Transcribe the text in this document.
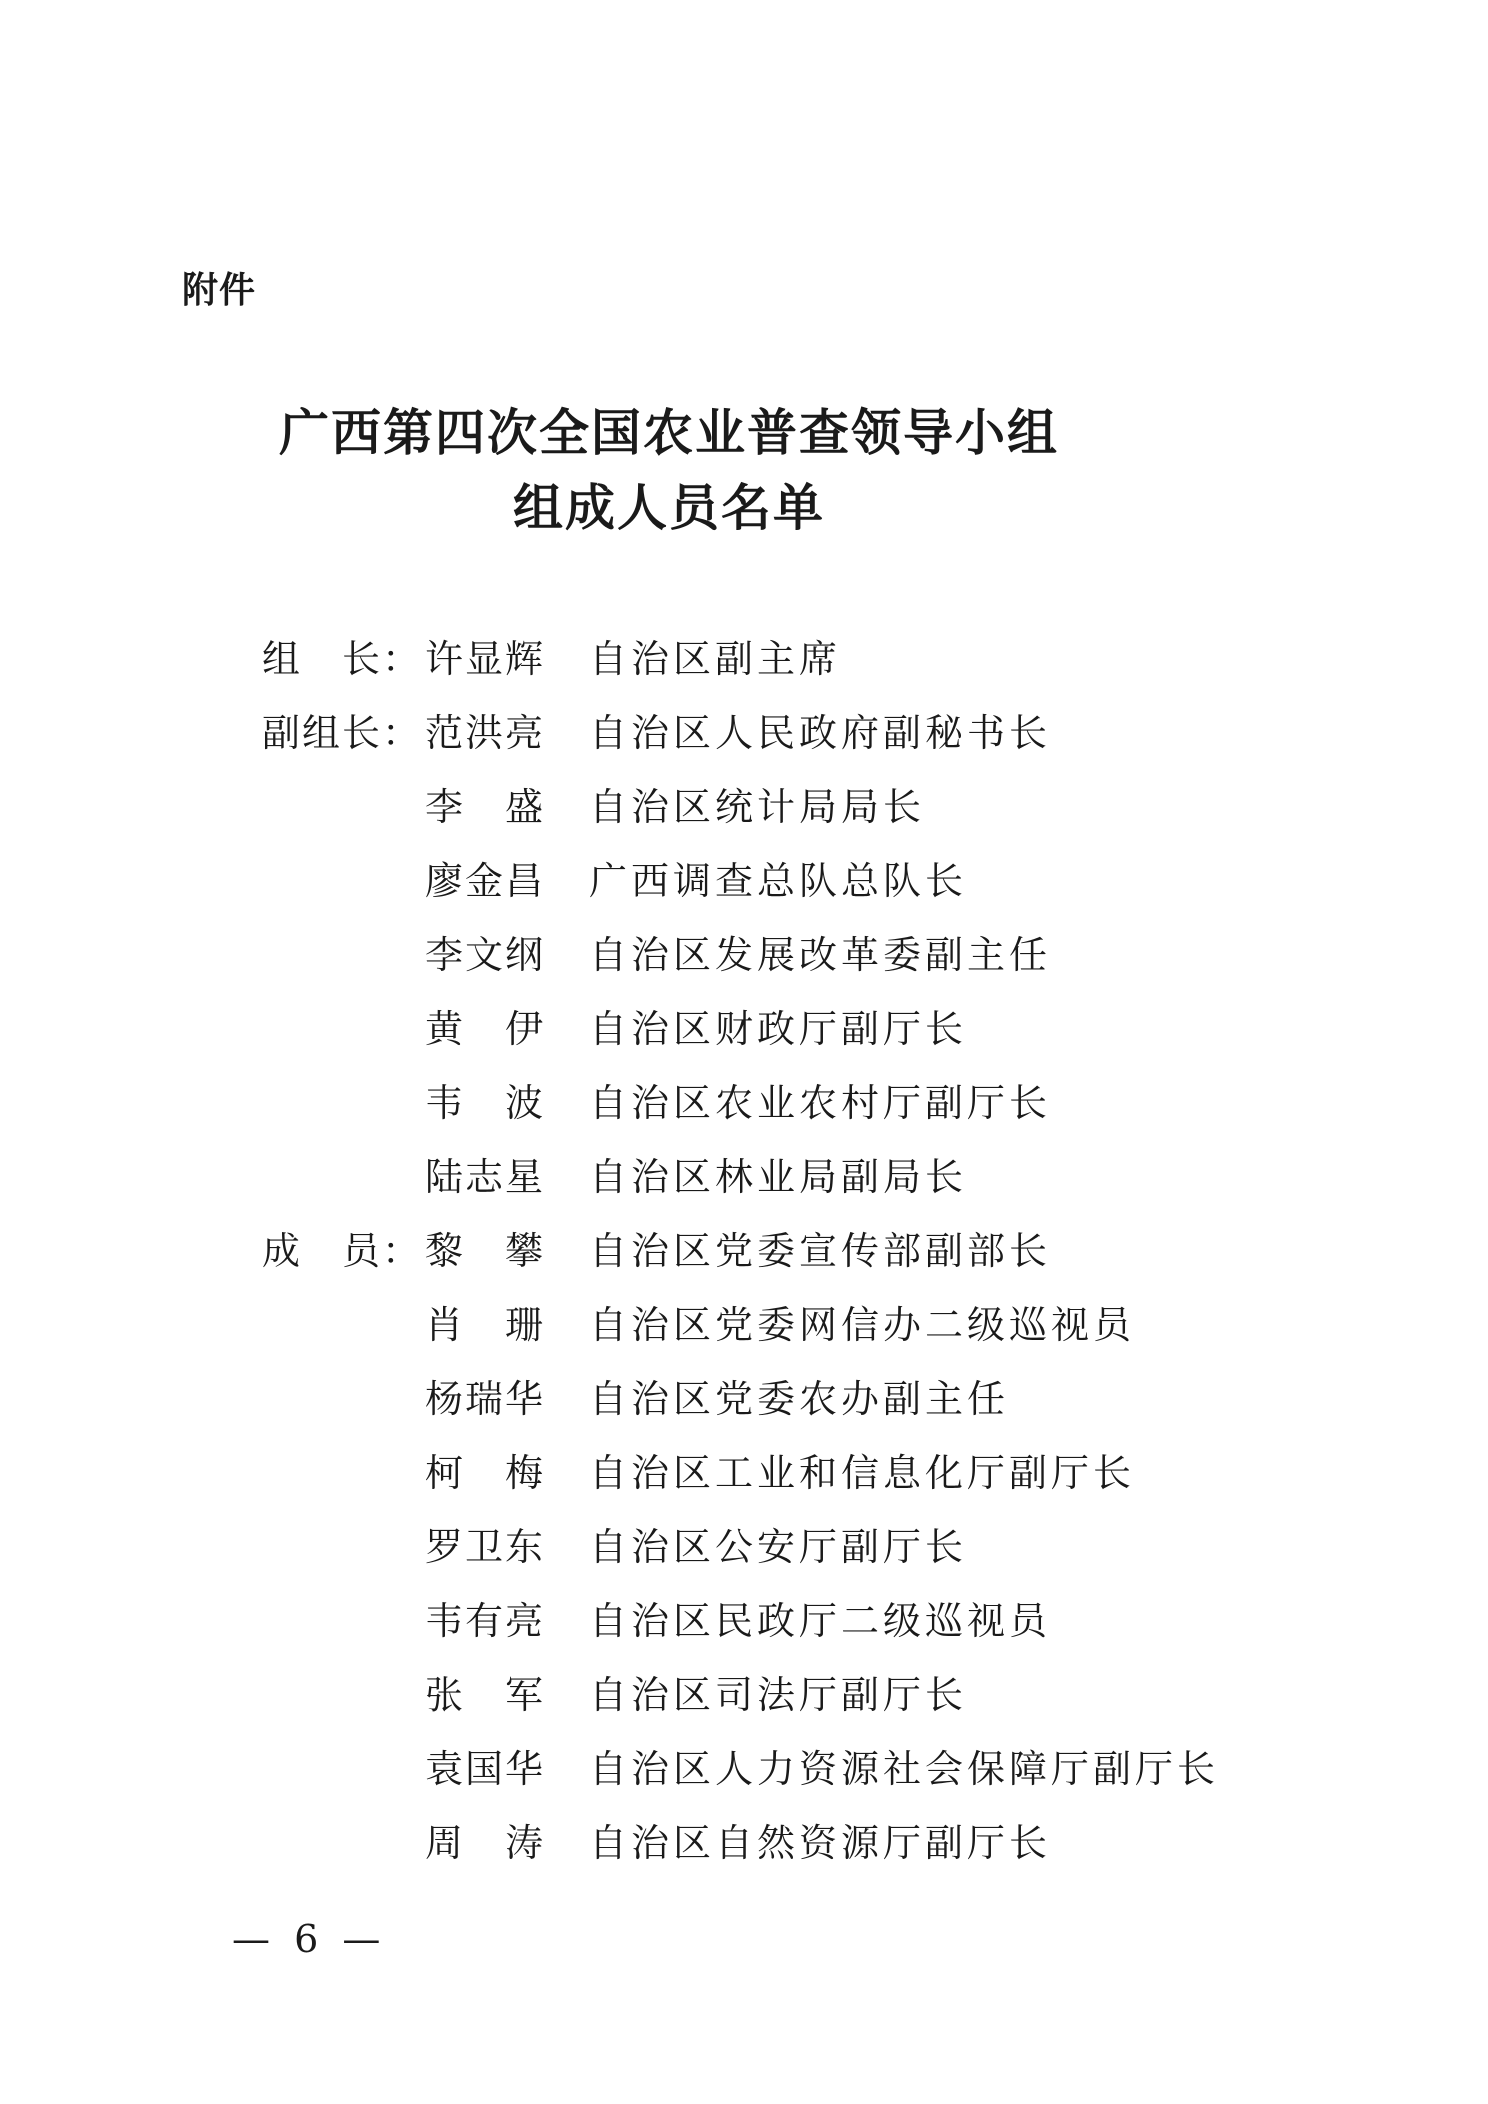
附件
广西第四次全国农业普查领导小组
组成人员名单
组　长： 许显辉 自治区副主席
副组长： 范洪亮 自治区人民政府副秘书长
李　盛 自治区统计局局长
廖金昌 广西调查总队总队长
李文纲 自治区发展改革委副主任
黄　伊 自治区财政厅副厅长
韦　波 自治区农业农村厅副厅长
陆志星 自治区林业局副局长
成　员： 黎　攀 自治区党委宣传部副部长
肖　珊 自治区党委网信办二级巡视员
杨瑞华 自治区党委农办副主任
柯　梅 自治区工业和信息化厅副厅长
罗卫东 自治区公安厅副厅长
韦有亮 自治区民政厅二级巡视员
张　军 自治区司法厅副厅长
袁国华 自治区人力资源社会保障厅副厅长
周　涛 自治区自然资源厅副厅长
— 6 —
